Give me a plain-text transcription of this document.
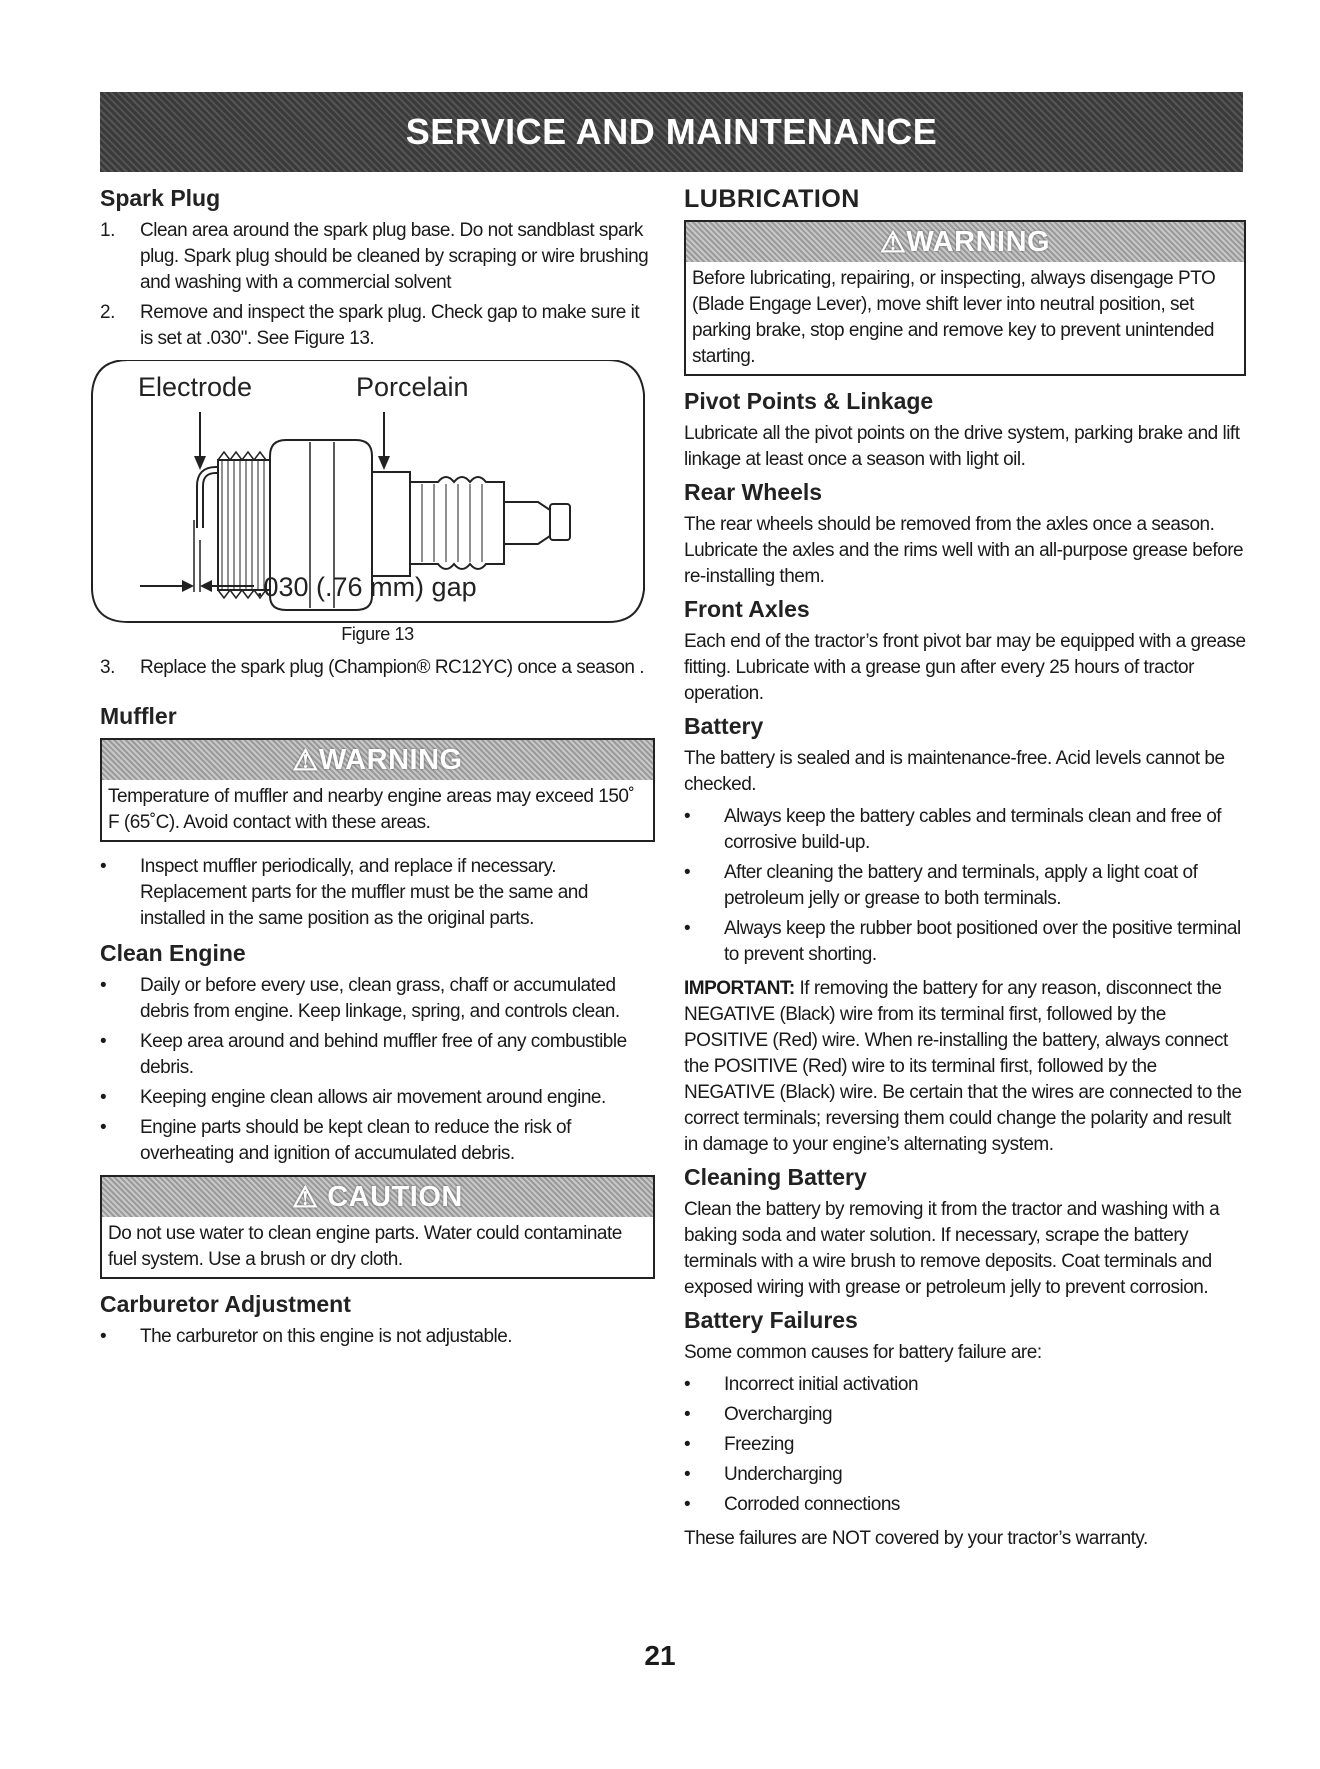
SERVICE AND MAINTENANCE
Spark Plug
1. Clean area around the spark plug base. Do not sandblast spark plug. Spark plug should be cleaned by scraping or wire brushing and washing with a commercial solvent
2. Remove and inspect the spark plug. Check gap to make sure it is set at .030". See Figure 13.
Electrode	Porcelain
.030 (.76 mm) gap
Figure 13
3. Replace the spark plug (Champion® RC12YC) once a season .
Muffler
⚠ WARNING
Temperature of muffler and nearby engine areas may exceed 150˚ F (65˚C). Avoid contact with these areas.
• Inspect muffler periodically, and replace if necessary. Replacement parts for the muffler must be the same and installed in the same position as the original parts.
Clean Engine
• Daily or before every use, clean grass, chaff or accumulated debris from engine. Keep linkage, spring, and controls clean.
• Keep area around and behind muffler free of any combustible debris.
• Keeping engine clean allows air movement around engine.
• Engine parts should be kept clean to reduce the risk of overheating and ignition of accumulated debris.
⚠ CAUTION
Do not use water to clean engine parts. Water could contaminate fuel system. Use a brush or dry cloth.
Carburetor Adjustment
• The carburetor on this engine is not adjustable.
LUBRICATION
⚠ WARNING
Before lubricating, repairing, or inspecting, always disengage PTO (Blade Engage Lever), move shift lever into neutral position, set parking brake, stop engine and remove key to prevent unintended starting.
Pivot Points & Linkage

Lubricate all the pivot points on the drive system, parking brake and lift linkage at least once a season with light oil.

Rear Wheels

The rear wheels should be removed from the axles once a season. Lubricate the axles and the rims well with an all-purpose grease before re-installing them.

Front Axles

Each end of the tractor’s front pivot bar may be equipped with a grease fitting. Lubricate with a grease gun after every 25 hours of tractor operation.

Battery

The battery is sealed and is maintenance-free. Acid levels cannot be checked.

• Always keep the battery cables and terminals clean and free of corrosive build-up.
• After cleaning the battery and terminals, apply a light coat of petroleum jelly or grease to both terminals.
• Always keep the rubber boot positioned over the positive terminal to prevent shorting.

IMPORTANT: If removing the battery for any reason, disconnect the NEGATIVE (Black) wire from its terminal first, followed by the POSITIVE (Red) wire. When re-installing the battery, always connect the POSITIVE (Red) wire to its terminal first, followed by the NEGATIVE (Black) wire. Be certain that the wires are connected to the correct terminals; reversing them could change the polarity and result in damage to your engine’s alternating system.

Cleaning Battery

Clean the battery by removing it from the tractor and washing with a baking soda and water solution. If necessary, scrape the battery terminals with a wire brush to remove deposits. Coat terminals and exposed wiring with grease or petroleum jelly to prevent corrosion.

Battery Failures

Some common causes for battery failure are:

• Incorrect initial activation
• Overcharging
• Freezing
• Undercharging
• Corroded connections

These failures are NOT covered by your tractor’s warranty.

21
